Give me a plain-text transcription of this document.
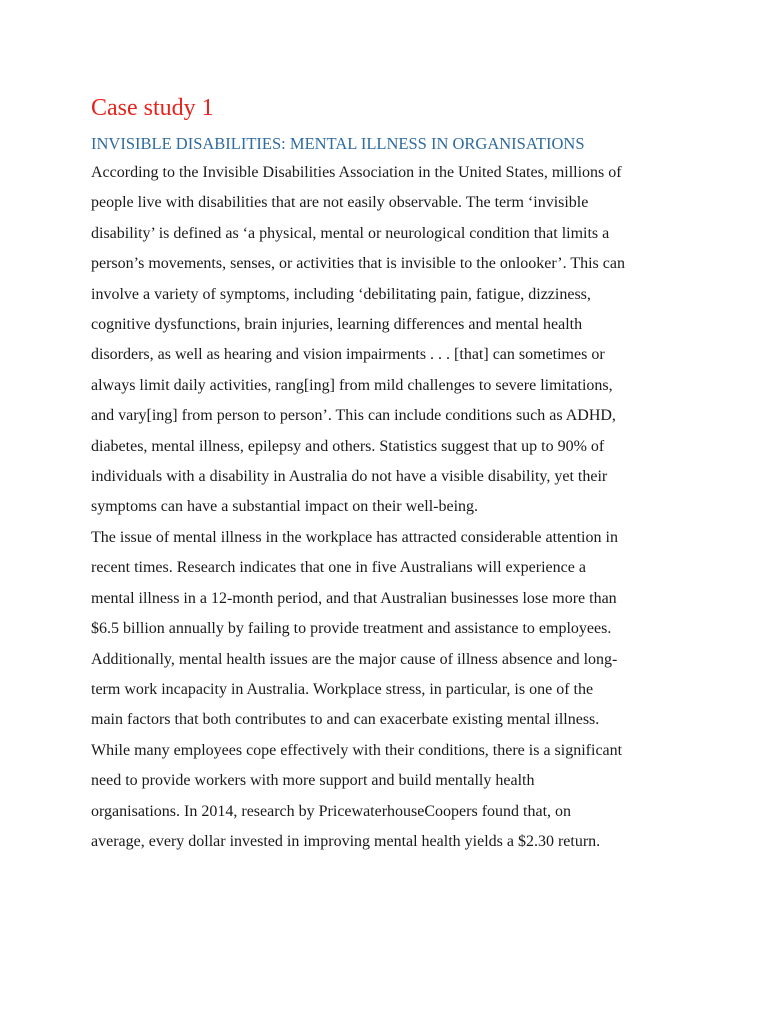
Case study 1
INVISIBLE DISABILITIES: MENTAL ILLNESS IN ORGANISATIONS

According to the Invisible Disabilities Association in the United States, millions of
people live with disabilities that are not easily observable. The term ‘invisible
disability’ is defined as ‘a physical, mental or neurological condition that limits a
person’s movements, senses, or activities that is invisible to the onlooker’. This can
involve a variety of symptoms, including ‘debilitating pain, fatigue, dizziness,
cognitive dysfunctions, brain injuries, learning differences and mental health
disorders, as well as hearing and vision impairments . . . [that] can sometimes or
always limit daily activities, rang[ing] from mild challenges to severe limitations,
and vary[ing] from person to person’. This can include conditions such as ADHD,
diabetes, mental illness, epilepsy and others. Statistics suggest that up to 90% of
individuals with a disability in Australia do not have a visible disability, yet their
symptoms can have a substantial impact on their well-being.

The issue of mental illness in the workplace has attracted considerable attention in
recent times. Research indicates that one in five Australians will experience a
mental illness in a 12-month period, and that Australian businesses lose more than
$6.5 billion annually by failing to provide treatment and assistance to employees.
Additionally, mental health issues are the major cause of illness absence and long-
term work incapacity in Australia. Workplace stress, in particular, is one of the
main factors that both contributes to and can exacerbate existing mental illness.
While many employees cope effectively with their conditions, there is a significant
need to provide workers with more support and build mentally health
organisations. In 2014, research by PricewaterhouseCoopers found that, on
average, every dollar invested in improving mental health yields a $2.30 return.
